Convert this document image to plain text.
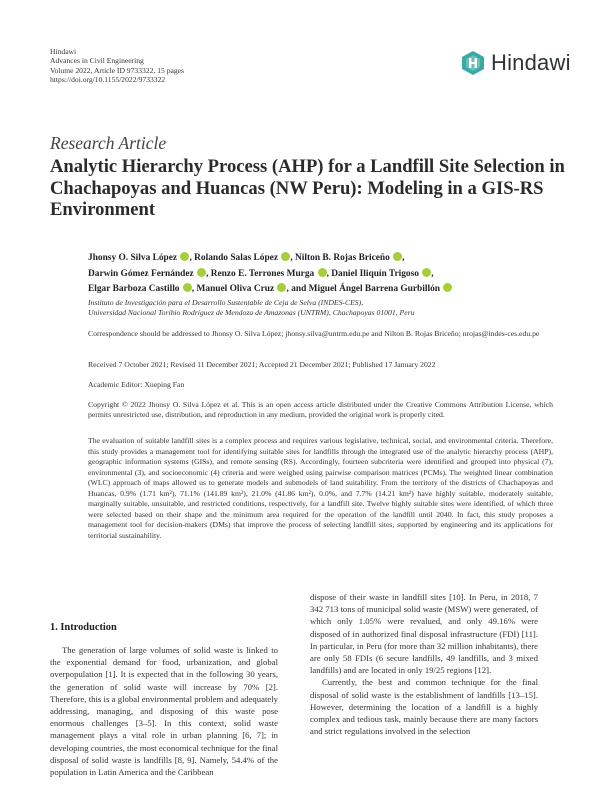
Hindawi
Advances in Civil Engineering
Volume 2022, Article ID 9733322, 15 pages
https://doi.org/10.1155/2022/9733322
Hindawi
Research Article
Analytic Hierarchy Process (AHP) for a Landfill Site Selection in Chachapoyas and Huancas (NW Peru): Modeling in a GIS-RS Environment
Jhonsy O. Silva López , Rolando Salas López , Nilton B. Rojas Briceño ,
Darwin Gómez Fernández , Renzo E. Terrones Murga , Daniel Iliquín Trigoso ,
Elgar Barboza Castillo , Manuel Oliva Cruz , and Miguel Ángel Barrena Gurbillón
Instituto de Investigación para el Desarrollo Sustentable de Ceja de Selva (INDES-CES),
Universidad Nacional Toribio Rodríguez de Mendoza de Amazonas (UNTRM), Chachapoyas 01001, Peru
Correspondence should be addressed to Jhonsy O. Silva López; jhonsy.silva@untrm.edu.pe and Nilton B. Rojas Briceño; nrojas@indes-ces.edu.pe
Received 7 October 2021; Revised 11 December 2021; Accepted 21 December 2021; Published 17 January 2022
Academic Editor: Xueping Fan
Copyright © 2022 Jhonsy O. Silva López et al. This is an open access article distributed under the Creative Commons Attribution License, which permits unrestricted use, distribution, and reproduction in any medium, provided the original work is properly cited.
The evaluation of suitable landfill sites is a complex process and requires various legislative, technical, social, and environmental criteria. Therefore, this study provides a management tool for identifying suitable sites for landfills through the integrated use of the analytic hierarchy process (AHP), geographic information systems (GISs), and remote sensing (RS). Accordingly, fourteen subcriteria were identified and grouped into physical (7), environmental (3), and socioeconomic (4) criteria and were weighed using pairwise comparison matrices (PCMs). The weighted linear combination (WLC) approach of maps allowed us to generate models and submodels of land suitability. From the territory of the districts of Chachapoyas and Huancas, 0.9% (1.71 km²), 71.1% (141.89 km²), 21.0% (41.86 km²), 0.0%, and 7.7% (14.21 km²) have highly suitable, moderately suitable, marginally suitable, unsuitable, and restricted conditions, respectively, for a landfill site. Twelve highly suitable sites were identified, of which three were selected based on their shape and the minimum area required for the operation of the landfill until 2040. In fact, this study proposes a management tool for decision-makers (DMs) that improve the process of selecting landfill sites, supported by engineering and its applications for territorial sustainability.
1. Introduction

The generation of large volumes of solid waste is linked to the exponential demand for food, urbanization, and global overpopulation [1]. It is expected that in the following 30 years, the generation of solid waste will increase by 70% [2]. Therefore, this is a global environmental problem and adequately addressing, managing, and disposing of this waste pose enormous challenges [3–5]. In this context, solid waste management plays a vital role in urban planning [6, 7]; in developing countries, the most economical technique for the final disposal of solid waste is landfills [8, 9]. Namely, 54.4% of the population in Latin America and the Caribbean

dispose of their waste in landfill sites [10]. In Peru, in 2018, 7 342 713 tons of municipal solid waste (MSW) were generated, of which only 1.05% were revalued, and only 49.16% were disposed of in authorized final disposal infrastructure (FDI) [11]. In particular, in Peru (for more than 32 million inhabitants), there are only 58 FDIs (6 secure landfills, 49 landfills, and 3 mixed landfills) and are located in only 19/25 regions [12].

Currently, the best and common technique for the final disposal of solid waste is the establishment of landfills [13–15]. However, determining the location of a landfill is a highly complex and tedious task, mainly because there are many factors and strict regulations involved in the selection
